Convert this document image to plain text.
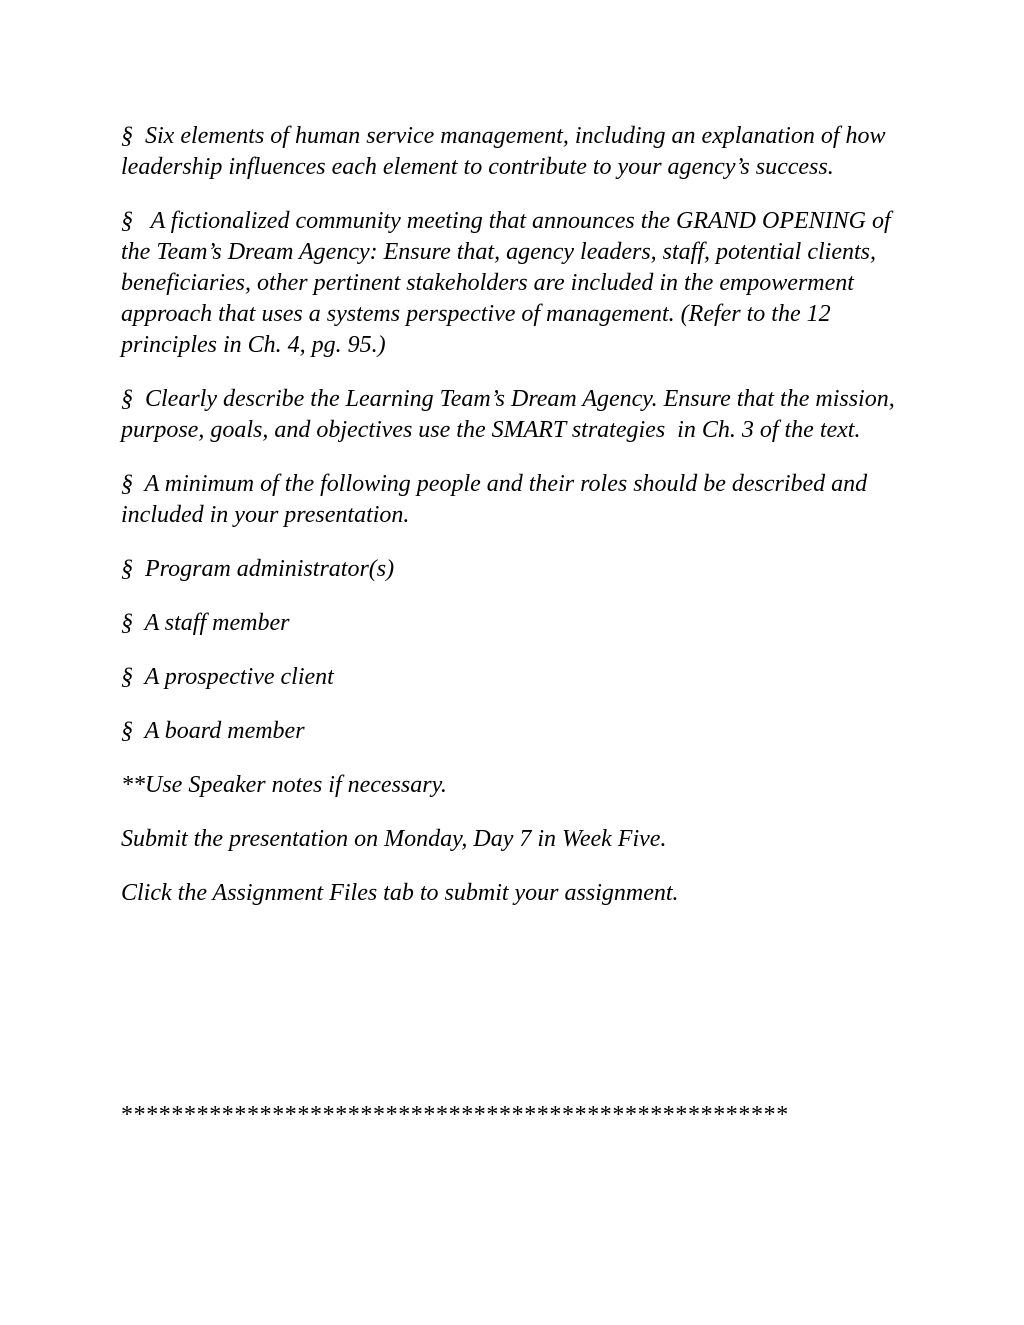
§  Six elements of human service management, including an explanation of how leadership influences each element to contribute to your agency’s success.

§   A fictionalized community meeting that announces the GRAND OPENING of the Team’s Dream Agency: Ensure that, agency leaders, staff, potential clients, beneficiaries, other pertinent stakeholders are included in the empowerment approach that uses a systems perspective of management. (Refer to the 12 principles in Ch. 4, pg. 95.)

§  Clearly describe the Learning Team’s Dream Agency. Ensure that the mission, purpose, goals, and objectives use the SMART strategies  in Ch. 3 of the text.

§  A minimum of the following people and their roles should be described and included in your presentation.

§  Program administrator(s)

§  A staff member

§  A prospective client

§  A board member

**Use Speaker notes if necessary.

Submit the presentation on Monday, Day 7 in Week Five.

Click the Assignment Files tab to submit your assignment.

*****************************************************
